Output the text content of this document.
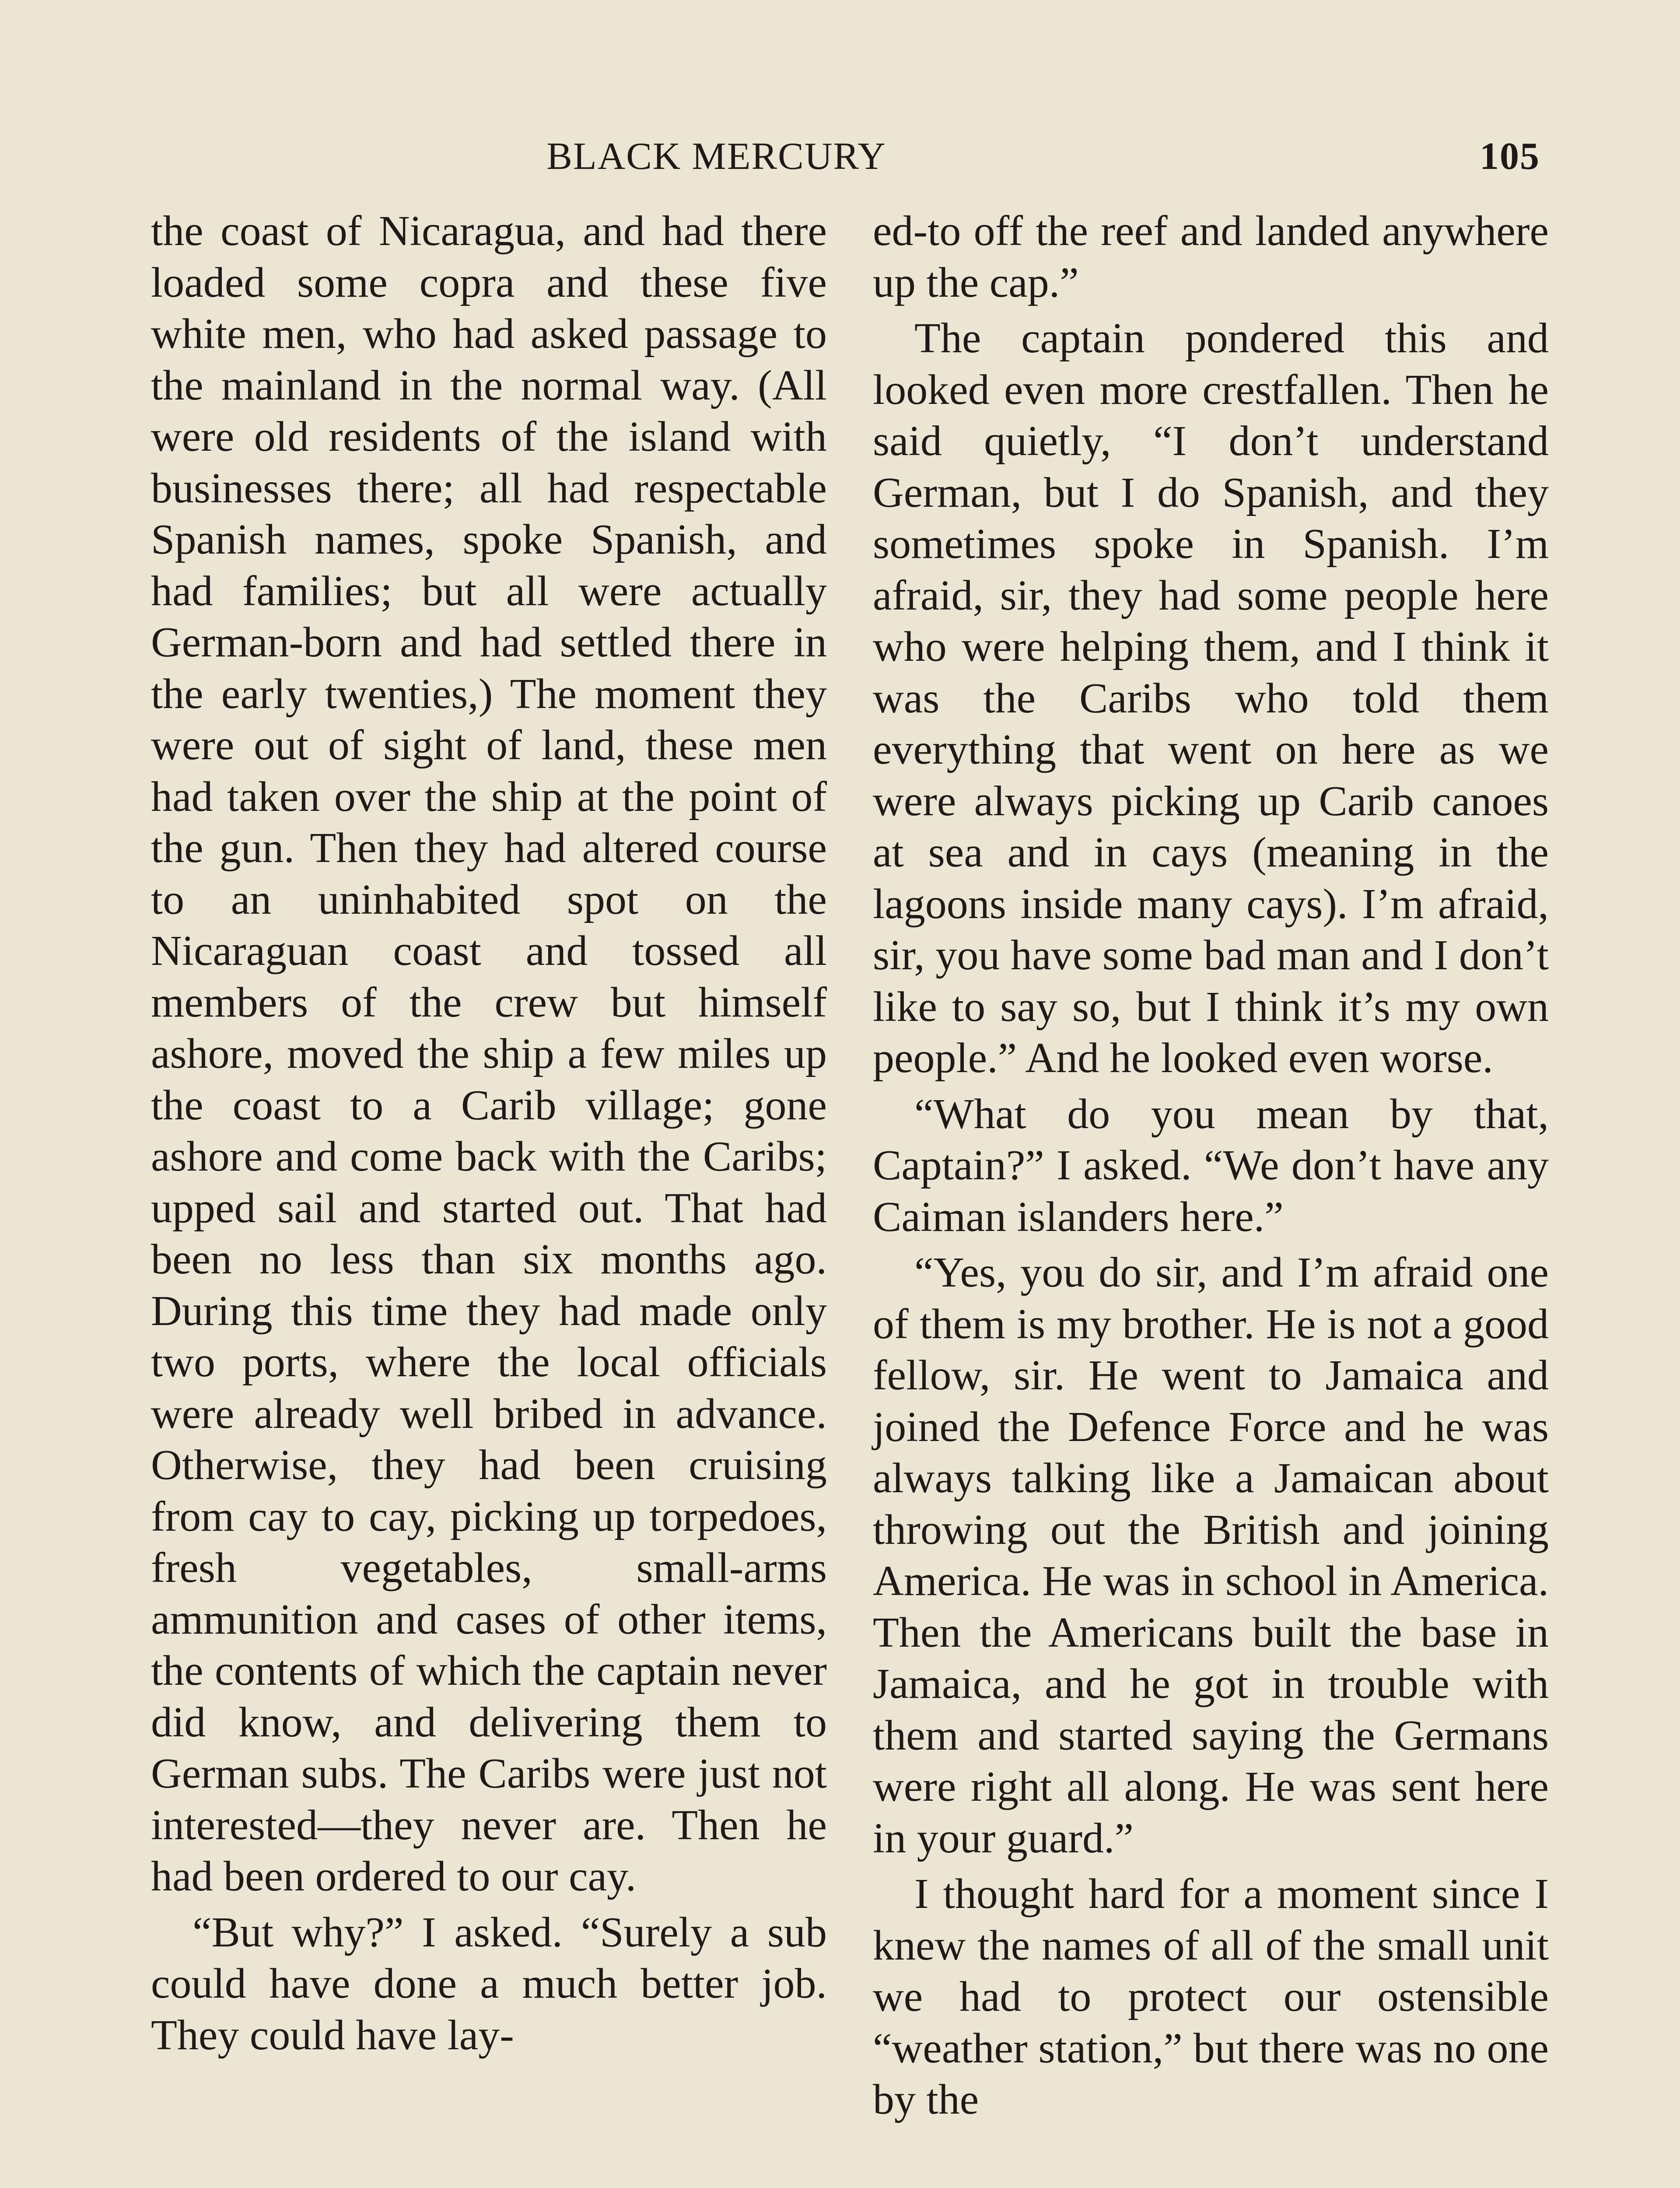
BLACK MERCURY	105

the coast of Nicaragua, and had there loaded some copra and these five white men, who had asked passage to the mainland in the normal way. (All were old residents of the island with businesses there; all had respectable Spanish names, spoke Spanish, and had families; but all were actually German-born and had settled there in the early twenties,) The moment they were out of sight of land, these men had taken over the ship at the point of the gun. Then they had altered course to an uninhabited spot on the Nicaraguan coast and tossed all members of the crew but himself ashore, moved the ship a few miles up the coast to a Carib village; gone ashore and come back with the Caribs; upped sail and started out. That had been no less than six months ago. During this time they had made only two ports, where the local officials were already well bribed in advance. Otherwise, they had been cruising from cay to cay, picking up torpedoes, fresh vegetables, small-arms ammunition and cases of other items, the contents of which the captain never did know, and delivering them to German subs. The Caribs were just not interested—they never are. Then he had been ordered to our cay.

“But why?” I asked. “Surely a sub could have done a much better job. They could have lay-

ed-to off the reef and landed anywhere up the cap.”

The captain pondered this and looked even more crestfallen. Then he said quietly, “I don’t understand German, but I do Spanish, and they sometimes spoke in Spanish. I’m afraid, sir, they had some people here who were helping them, and I think it was the Caribs who told them everything that went on here as we were always picking up Carib canoes at sea and in cays (meaning in the lagoons inside many cays). I’m afraid, sir, you have some bad man and I don’t like to say so, but I think it’s my own people.” And he looked even worse.

“What do you mean by that, Captain?” I asked. “We don’t have any Caiman islanders here.”

“Yes, you do sir, and I’m afraid one of them is my brother. He is not a good fellow, sir. He went to Jamaica and joined the Defence Force and he was always talking like a Jamaican about throwing out the British and joining America. He was in school in America. Then the Americans built the base in Jamaica, and he got in trouble with them and started saying the Germans were right all along. He was sent here in your guard.”

I thought hard for a moment since I knew the names of all of the small unit we had to protect our ostensible “weather station,” but there was no one by the
